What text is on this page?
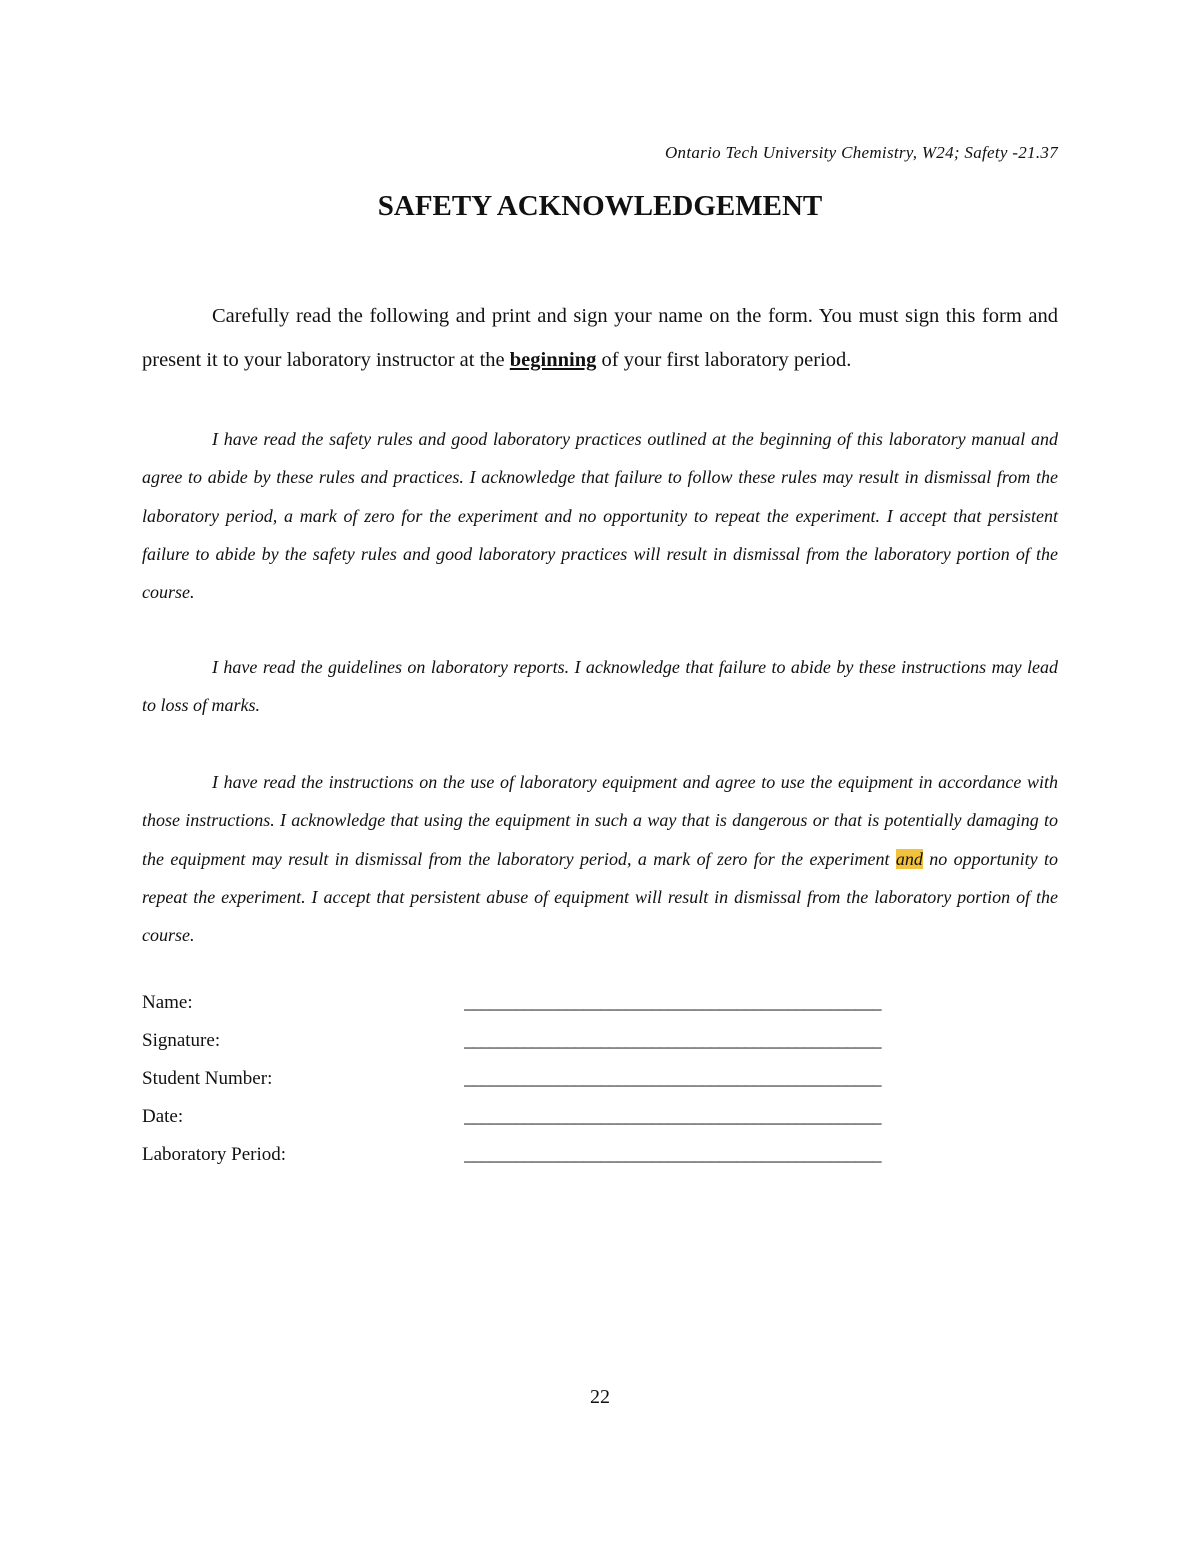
Ontario Tech University Chemistry, W24; Safety -21.37
SAFETY ACKNOWLEDGEMENT

Carefully read the following and print and sign your name on the form. You must sign this form and present it to your laboratory instructor at the beginning of your first laboratory period.

I have read the safety rules and good laboratory practices outlined at the beginning of this laboratory manual and agree to abide by these rules and practices. I acknowledge that failure to follow these rules may result in dismissal from the laboratory period, a mark of zero for the experiment and no opportunity to repeat the experiment. I accept that persistent failure to abide by the safety rules and good laboratory practices will result in dismissal from the laboratory portion of the course.

I have read the guidelines on laboratory reports. I acknowledge that failure to abide by these instructions may lead to loss of marks.

I have read the instructions on the use of laboratory equipment and agree to use the equipment in accordance with those instructions. I acknowledge that using the equipment in such a way that is dangerous or that is potentially damaging to the equipment may result in dismissal from the laboratory period, a mark of zero for the experiment and no opportunity to repeat the experiment. I accept that persistent abuse of equipment will result in dismissal from the laboratory portion of the course.

Name:	_________________________________________________
Signature:	_________________________________________________
Student Number:	_________________________________________________
Date:	_________________________________________________
Laboratory Period:	_________________________________________________
22
